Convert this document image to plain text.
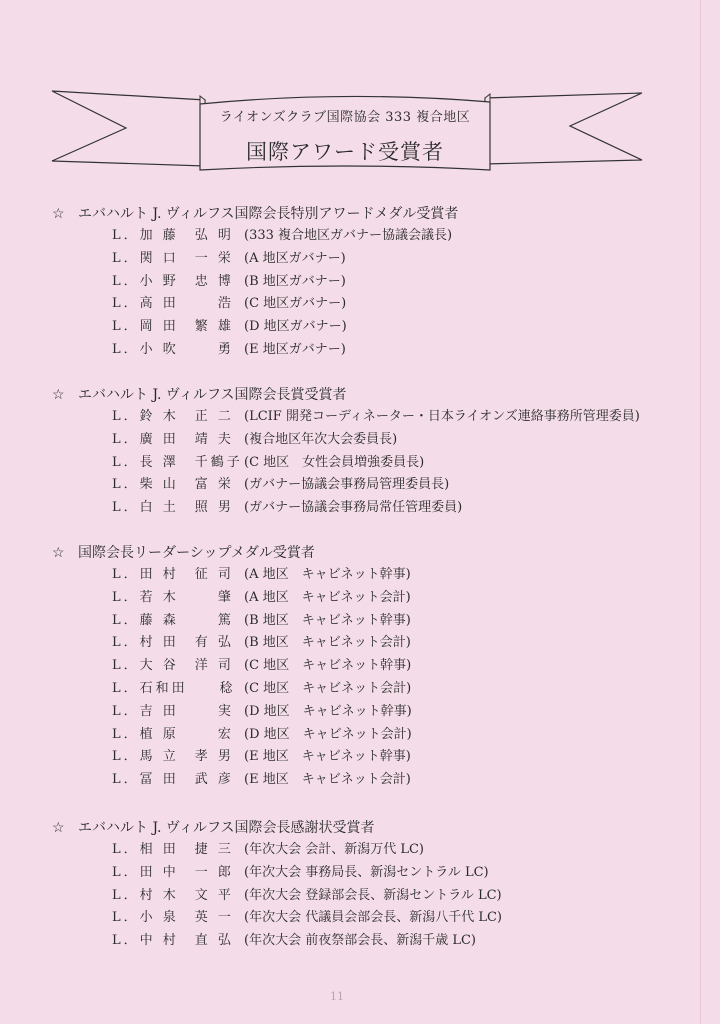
ライオンズクラブ国際協会 333 複合地区
国際アワード受賞者
☆ エバハルト J. ヴィルフス国際会長特別アワードメダル受賞者
L．加 藤　弘 明 (333 複合地区ガバナー協議会議長)
L．関 口　一 栄 (A 地区ガバナー)
L．小 野　忠 博 (B 地区ガバナー)
L．高 田　　 浩 (C 地区ガバナー)
L．岡 田　繁 雄 (D 地区ガバナー)
L．小 吹　　 勇 (E 地区ガバナー)
☆ エバハルト J. ヴィルフス国際会長賞受賞者
L．鈴 木　正 二 (LCIF 開発コーディネーター・日本ライオンズ連絡事務所管理委員)
L．廣 田　靖 夫 (複合地区年次大会委員長)
L．長 澤　千鶴子 (C 地区　女性会員増強委員長)
L．柴 山　富 栄 (ガバナー協議会事務局管理委員長)
L．白 土　照 男 (ガバナー協議会事務局常任管理委員)
☆ 国際会長リーダーシップメダル受賞者
L．田 村　征 司 (A 地区　キャビネット幹事)
L．若 木　　 肇 (A 地区　キャビネット会計)
L．藤 森　　 篤 (B 地区　キャビネット幹事)
L．村 田　有 弘 (B 地区　キャビネット会計)
L．大 谷　洋 司 (C 地区　キャビネット幹事)
L．石和田　　稔 (C 地区　キャビネット会計)
L．吉 田　　 実 (D 地区　キャビネット幹事)
L．植 原　　 宏 (D 地区　キャビネット会計)
L．馬 立　孝 男 (E 地区　キャビネット幹事)
L．冨 田　武 彦 (E 地区　キャビネット会計)
☆ エバハルト J. ヴィルフス国際会長感謝状受賞者
L．相 田　捷 三 (年次大会 会計、新潟万代 LC)
L．田 中　一 郎 (年次大会 事務局長、新潟セントラル LC)
L．村 木　文 平 (年次大会 登録部会長、新潟セントラル LC)
L．小 泉　英 一 (年次大会 代議員会部会長、新潟八千代 LC)
L．中 村　直 弘 (年次大会 前夜祭部会長、新潟千歳 LC)
11
